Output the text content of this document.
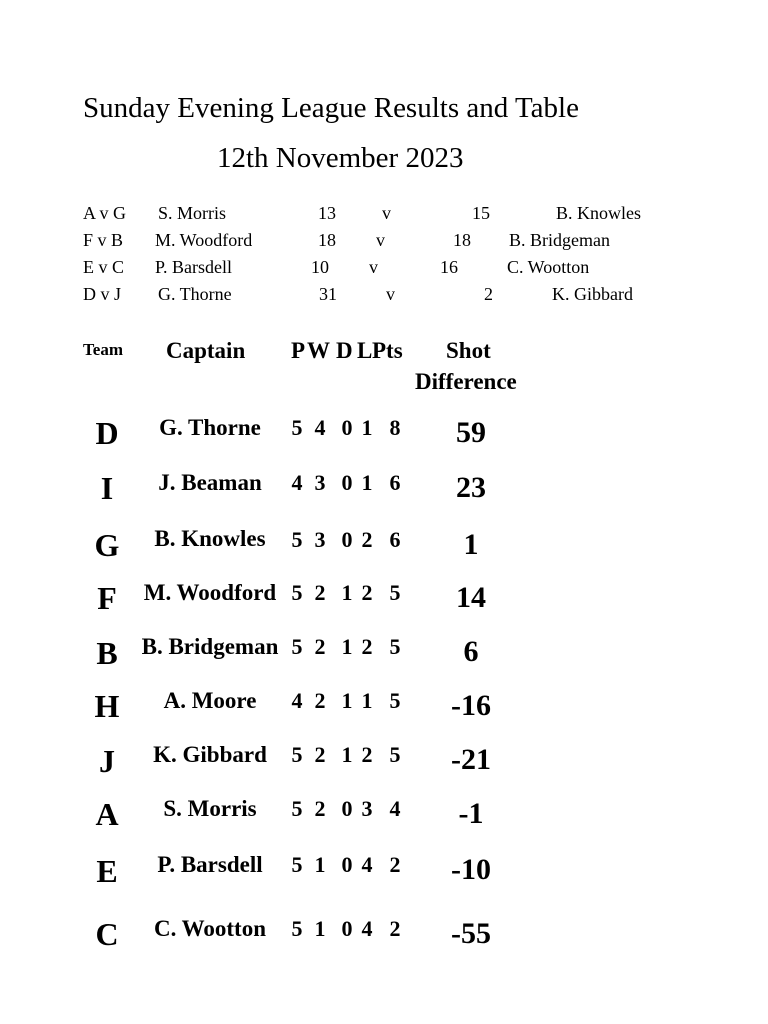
Sunday Evening League Results and Table
12th November 2023
A v G S. Morris	13	v	15	B. Knowles
F v B M. Woodford	18 v	18 B. Bridgeman
E v C P. Barsdell	10 v	16	C. Wootton
D v J G. Thorne	31	v	2	K. Gibbard
Team Captain P W D L Pts Shot
Difference
D	G. Thorne	5 4 0 1 8	59
I	J. Beaman	4 3 0 1 6	23
G	B. Knowles	5 3 0 2 6	1
F	M. Woodford 5 2 1 2 5	14
B	B. Bridgeman 5 2 1 2 5	6
H	A. Moore	4 2 1 1 5	-16
J	K. Gibbard	5 2 1 2 5	-21
A	S. Morris	5 2 0 3 4	-1
E	P. Barsdell	5 1 0 4 2	-10
C	C. Wootton	5 1 0 4 2	-55
